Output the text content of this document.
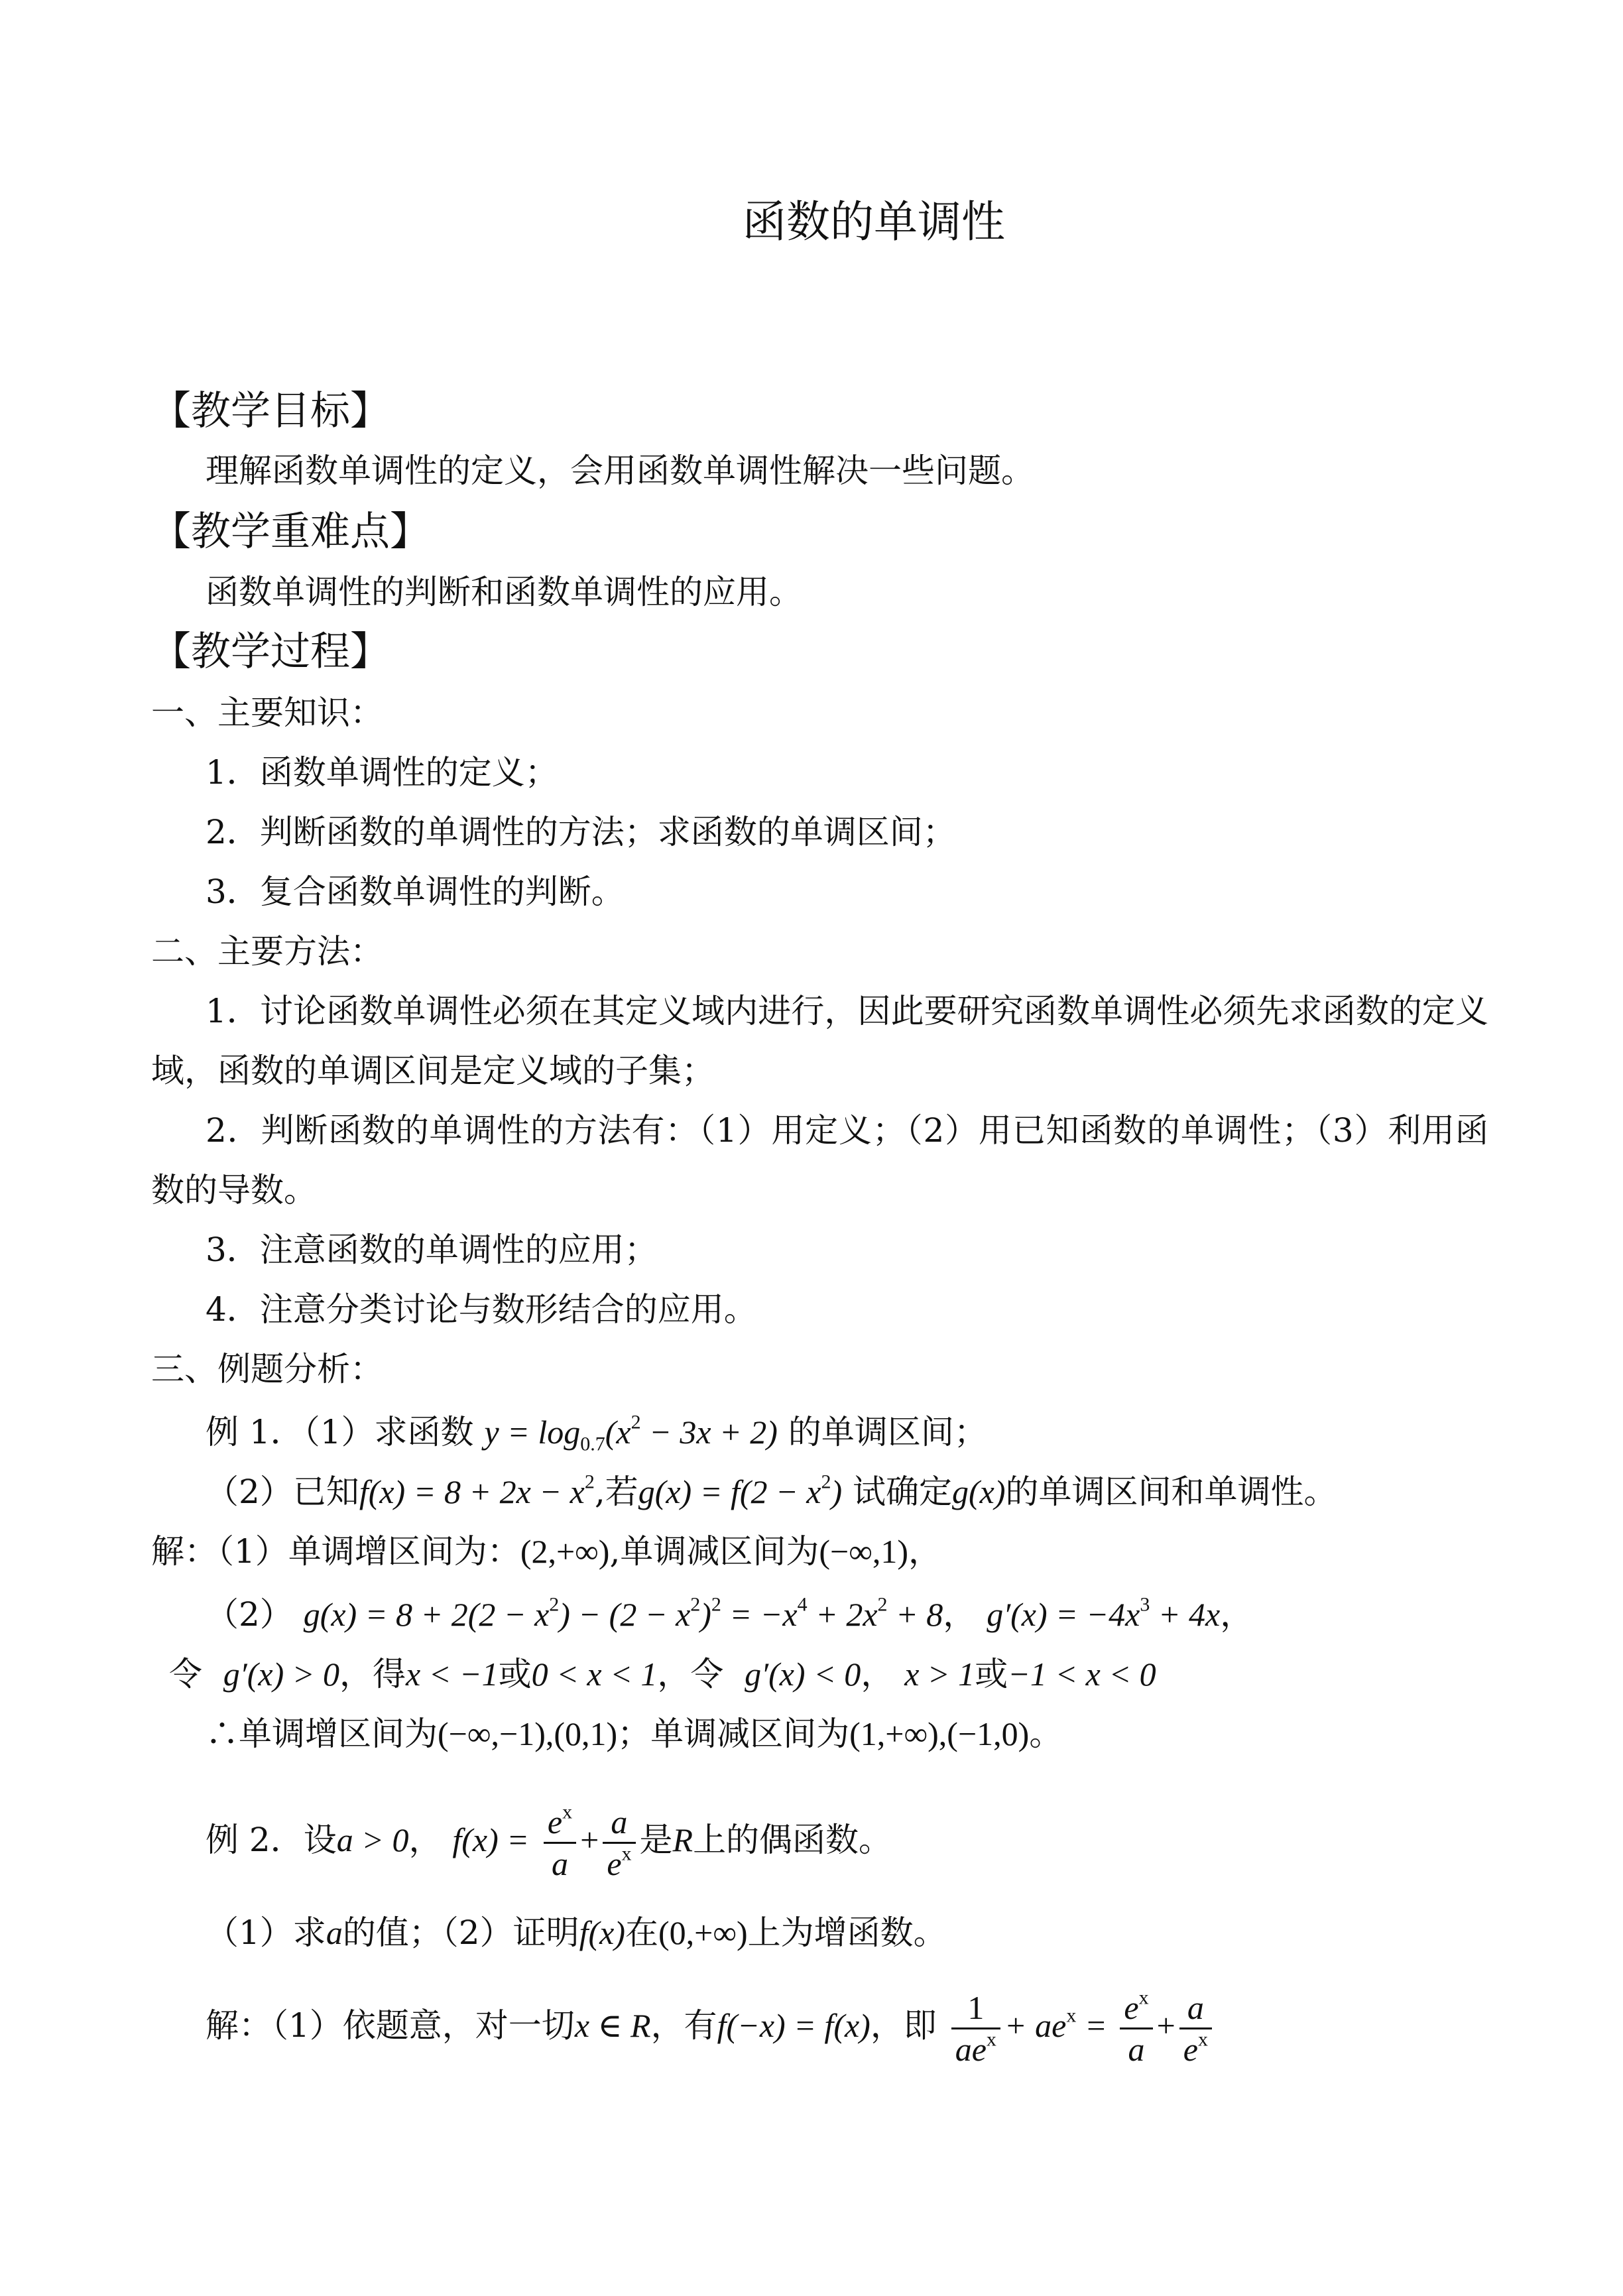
函数的单调性
【教学目标】
理解函数单调性的定义，会用函数单调性解决一些问题。
【教学重难点】
函数单调性的判断和函数单调性的应用。
【教学过程】
一、主要知识：
1．函数单调性的定义；
2．判断函数的单调性的方法；求函数的单调区间；
3．复合函数单调性的判断。
二、主要方法：
1．讨论函数单调性必须在其定义域内进行，因此要研究函数单调性必须先求函数的定义
域，函数的单调区间是定义域的子集；
2．判断函数的单调性的方法有：（1）用定义；（2）用已知函数的单调性；（3）利用函
数的导数。
3．注意函数的单调性的应用；
4．注意分类讨论与数形结合的应用。
三、例题分析：
例 1．（1）求函数 $y = \log_{0.7}(x^2 - 3x + 2)$ 的单调区间；
（2）已知$f(x) = 8 + 2x - x^2$,若$g(x) = f(2 - x^2)$ 试确定g(x)的单调区间和单调性。
解：（1）单调增区间为：(2,+∞),单调减区间为(−∞,1)，
（2） $g(x) = 8 + 2(2 - x^2) - (2 - x^2)^2 = -x^4 + 2x^2 + 8$， $g'(x) = -4x^3 + 4x$，
令 g′(x) > 0，得x < −1或0 < x < 1，令 g′(x) < 0， x > 1或−1 < x < 0
∴单调增区间为(−∞,−1),(0,1)；单调减区间为(1,+∞),(−1,0)。
例 2．设a > 0， $f(x) = \frac{e^x}{a} + \frac{a}{e^x}$ 是R上的偶函数。
（1）求a的值；（2）证明f(x)在(0,+∞)上为增函数。
解：（1）依题意，对一切x ∈ R，有f(−x) = f(x)，即 $\frac{1}{ae^x} + ae^x = \frac{e^x}{a} + \frac{a}{e^x}$
